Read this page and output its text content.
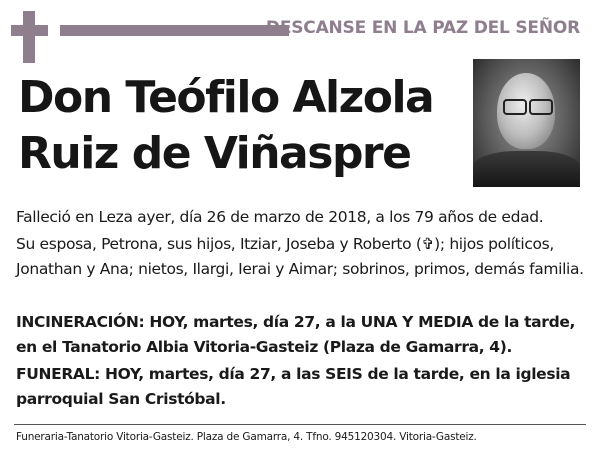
DESCANSE EN LA PAZ DEL SEÑOR
Don Teófilo Alzola
Ruiz de Viñaspre

Falleció en Leza ayer, día 26 de marzo de 2018, a los 79 años de edad.

Su esposa, Petrona, sus hijos, Itziar, Joseba y Roberto (✞); hijos políticos, Jonathan y Ana; nietos, Ilargi, Ierai y Aimar; sobrinos, primos, demás familia.

INCINERACIÓN: HOY, martes, día 27, a la UNA Y MEDIA de la tarde, en el Tanatorio Albia Vitoria-Gasteiz (Plaza de Gamarra, 4).

FUNERAL: HOY, martes, día 27, a las SEIS de la tarde, en la iglesia parroquial San Cristóbal.

Funeraria-Tanatorio Vitoria-Gasteiz. Plaza de Gamarra, 4. Tfno. 945120304. Vitoria-Gasteiz.
